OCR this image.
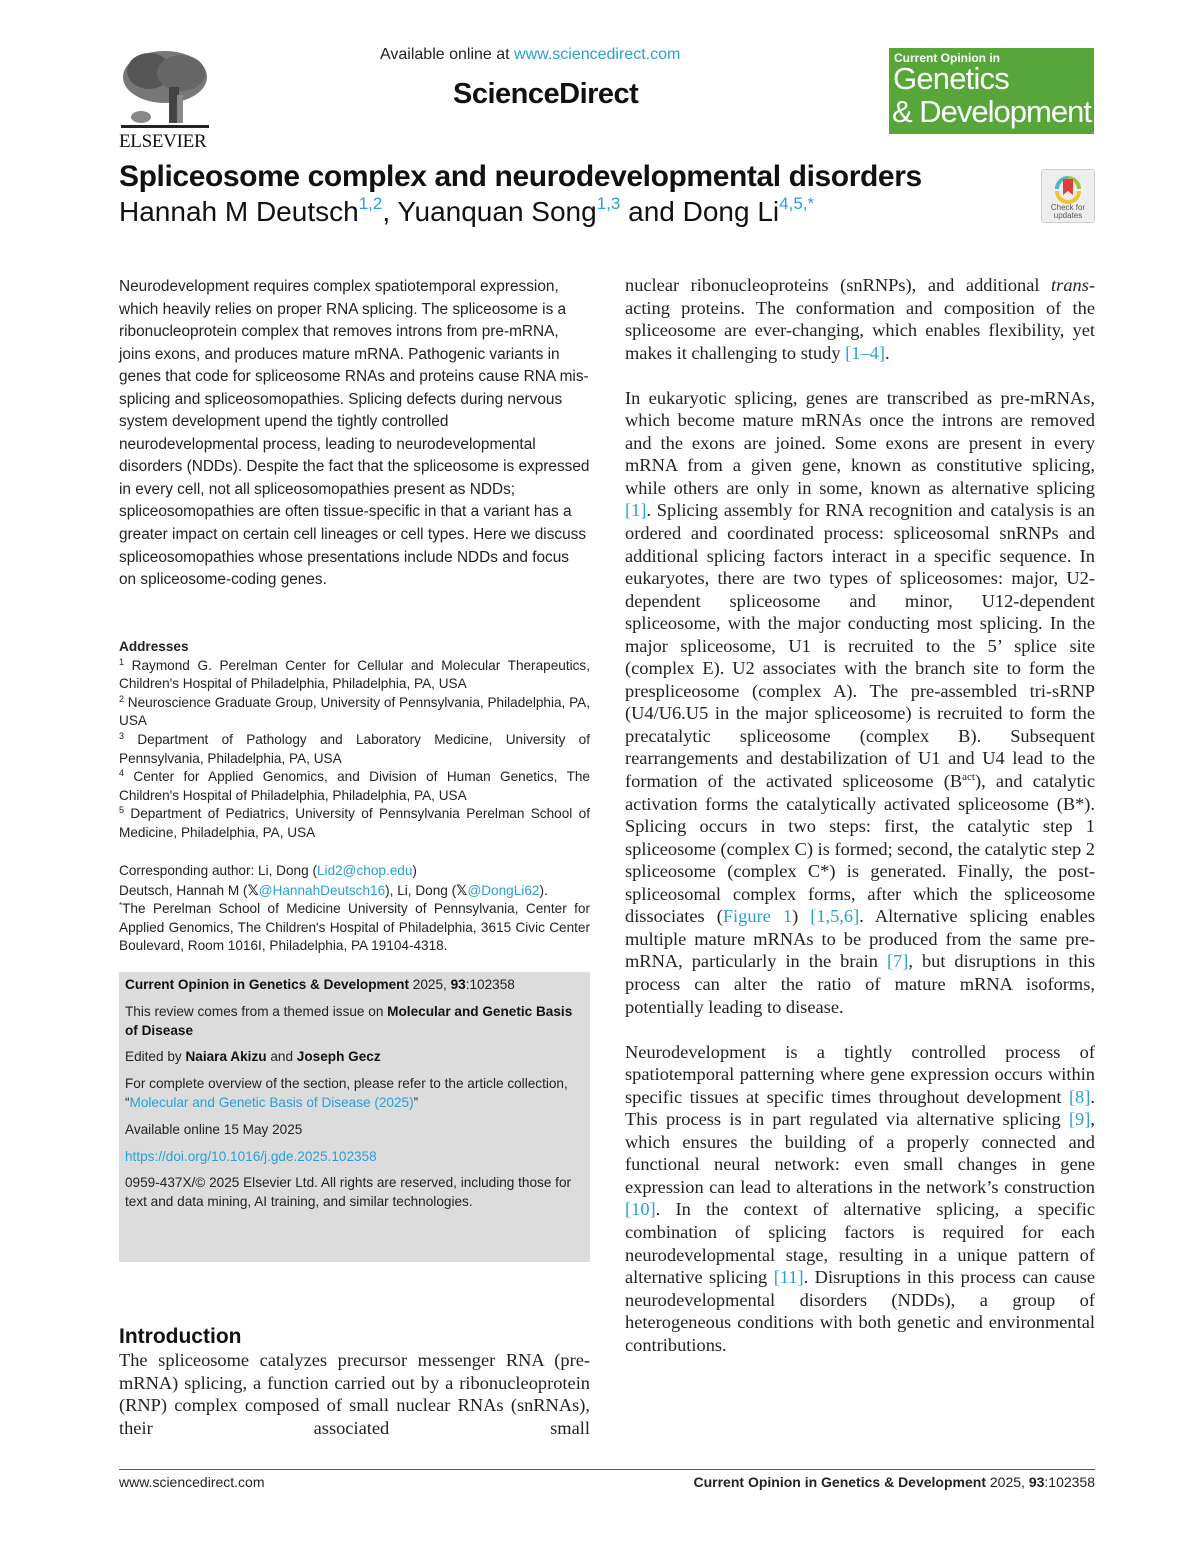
ELSEVIER
Available online at www.sciencedirect.com
ScienceDirect
Current Opinion in
Genetics
& Development
Spliceosome complex and neurodevelopmental disorders
Hannah M Deutsch$^{1,2}$, Yuanquan Song$^{1,3}$ and Dong $Li^{4,5,*}$	Check for
updates

Neurodevelopment requires complex spatiotemporal expression, which heavily relies on proper RNA splicing. The spliceosome is a ribonucleoprotein complex that removes introns from pre-mRNA, joins exons, and produces mature mRNA. Pathogenic variants in genes that code for spliceosome RNAs and proteins cause RNA mis-splicing and spliceosomopathies. Splicing defects during nervous system development upend the tightly controlled neurodevelopmental process, leading to neurodevelopmental disorders (NDDs). Despite the fact that the spliceosome is expressed in every cell, not all spliceosomopathies present as NDDs; spliceosomopathies are often tissue-specific in that a variant has a greater impact on certain cell lineages or cell types. Here we discuss spliceosomopathies whose presentations include NDDs and focus on spliceosome-coding genes.

Addresses

$^1$ Raymond G. Perelman Center for Cellular and Molecular Therapeutics, Children's Hospital of Philadelphia, Philadelphia, PA, USA

$^2$ Neuroscience Graduate Group, University of Pennsylvania, Philadelphia, PA, USA

$^3$ Department of Pathology and Laboratory Medicine, University of Pennsylvania, Philadelphia, PA, USA

$^4$ Center for Applied Genomics, and Division of Human Genetics, The Children's Hospital of Philadelphia, Philadelphia, PA, USA

$^5$ Department of Pediatrics, University of Pennsylvania Perelman School of Medicine, Philadelphia, PA, USA

Corresponding author: Li, Dong (Lid2@chop.edu)

Deutsch, Hannah M (𝕏@HannahDeutsch16), Li, Dong (𝕏@DongLi62).

*The Perelman School of Medicine University of Pennsylvania, Center for Applied Genomics, The Children's Hospital of Philadelphia, 3615 Civic Center Boulevard, Room 1016I, Philadelphia, PA 19104-4318.

Current Opinion in Genetics & Development 2025, 93:102358

This review comes from a themed issue on Molecular and Genetic Basis of Disease

Edited by Naiara Akizu and Joseph Gecz

For complete overview of the section, please refer to the article collection, “Molecular and Genetic Basis of Disease (2025)”

Available online 15 May 2025

https://doi.org/10.1016/j.gde.2025.102358

0959-437X/© 2025 Elsevier Ltd. All rights are reserved, including those for text and data mining, AI training, and similar technologies.

Introduction

The spliceosome catalyzes precursor messenger RNA (pre-mRNA) splicing, a function carried out by a ribonucleoprotein (RNP) complex composed of small nuclear RNAs (snRNAs), their associated small

nuclear ribonucleoproteins (snRNPs), and additional trans-acting proteins. The conformation and composition of the spliceosome are ever-changing, which enables flexibility, yet makes it challenging to study [1–4].

In eukaryotic splicing, genes are transcribed as pre-mRNAs, which become mature mRNAs once the introns are removed and the exons are joined. Some exons are present in every mRNA from a given gene, known as constitutive splicing, while others are only in some, known as alternative splicing [1]. Splicing assembly for RNA recognition and catalysis is an ordered and coordinated process: spliceosomal snRNPs and additional splicing factors interact in a specific sequence. In eukaryotes, there are two types of spliceosomes: major, U2-dependent spliceosome and minor, U12-dependent spliceosome, with the major conducting most splicing. In the major spliceosome, U1 is recruited to the 5’ splice site (complex E). U2 associates with the branch site to form the prespliceosome (complex A). The pre-assembled tri-sRNP (U4/U6.U5 in the major spliceosome) is recruited to form the precatalytic spliceosome (complex B). Subsequent rearrangements and destabilization of U1 and U4 lead to the formation of the activated spliceosome $(B^{act})$, and catalytic activation forms the catalytically activated spliceosome (B*). Splicing occurs in two steps: first, the catalytic step 1 spliceosome (complex C) is formed; second, the catalytic step 2 spliceosome (complex C*) is generated. Finally, the post-spliceosomal complex forms, after which the spliceosome dissociates (Figure 1) [1,5,6]. Alternative splicing enables multiple mature mRNAs to be produced from the same pre-mRNA, particularly in the brain [7], but disruptions in this process can alter the ratio of mature mRNA isoforms, potentially leading to disease.

Neurodevelopment is a tightly controlled process of spatiotemporal patterning where gene expression occurs within specific tissues at specific times throughout development [8]. This process is in part regulated via alternative splicing [9], which ensures the building of a properly connected and functional neural network: even small changes in gene expression can lead to alterations in the network’s construction [10]. In the context of alternative splicing, a specific combination of splicing factors is required for each neurodevelopmental stage, resulting in a unique pattern of alternative splicing [11]. Disruptions in this process can cause neurodevelopmental disorders (NDDs), a group of heterogeneous conditions with both genetic and environmental contributions.

www.sciencedirect.com	Current Opinion in Genetics & Development 2025, 93:102358
